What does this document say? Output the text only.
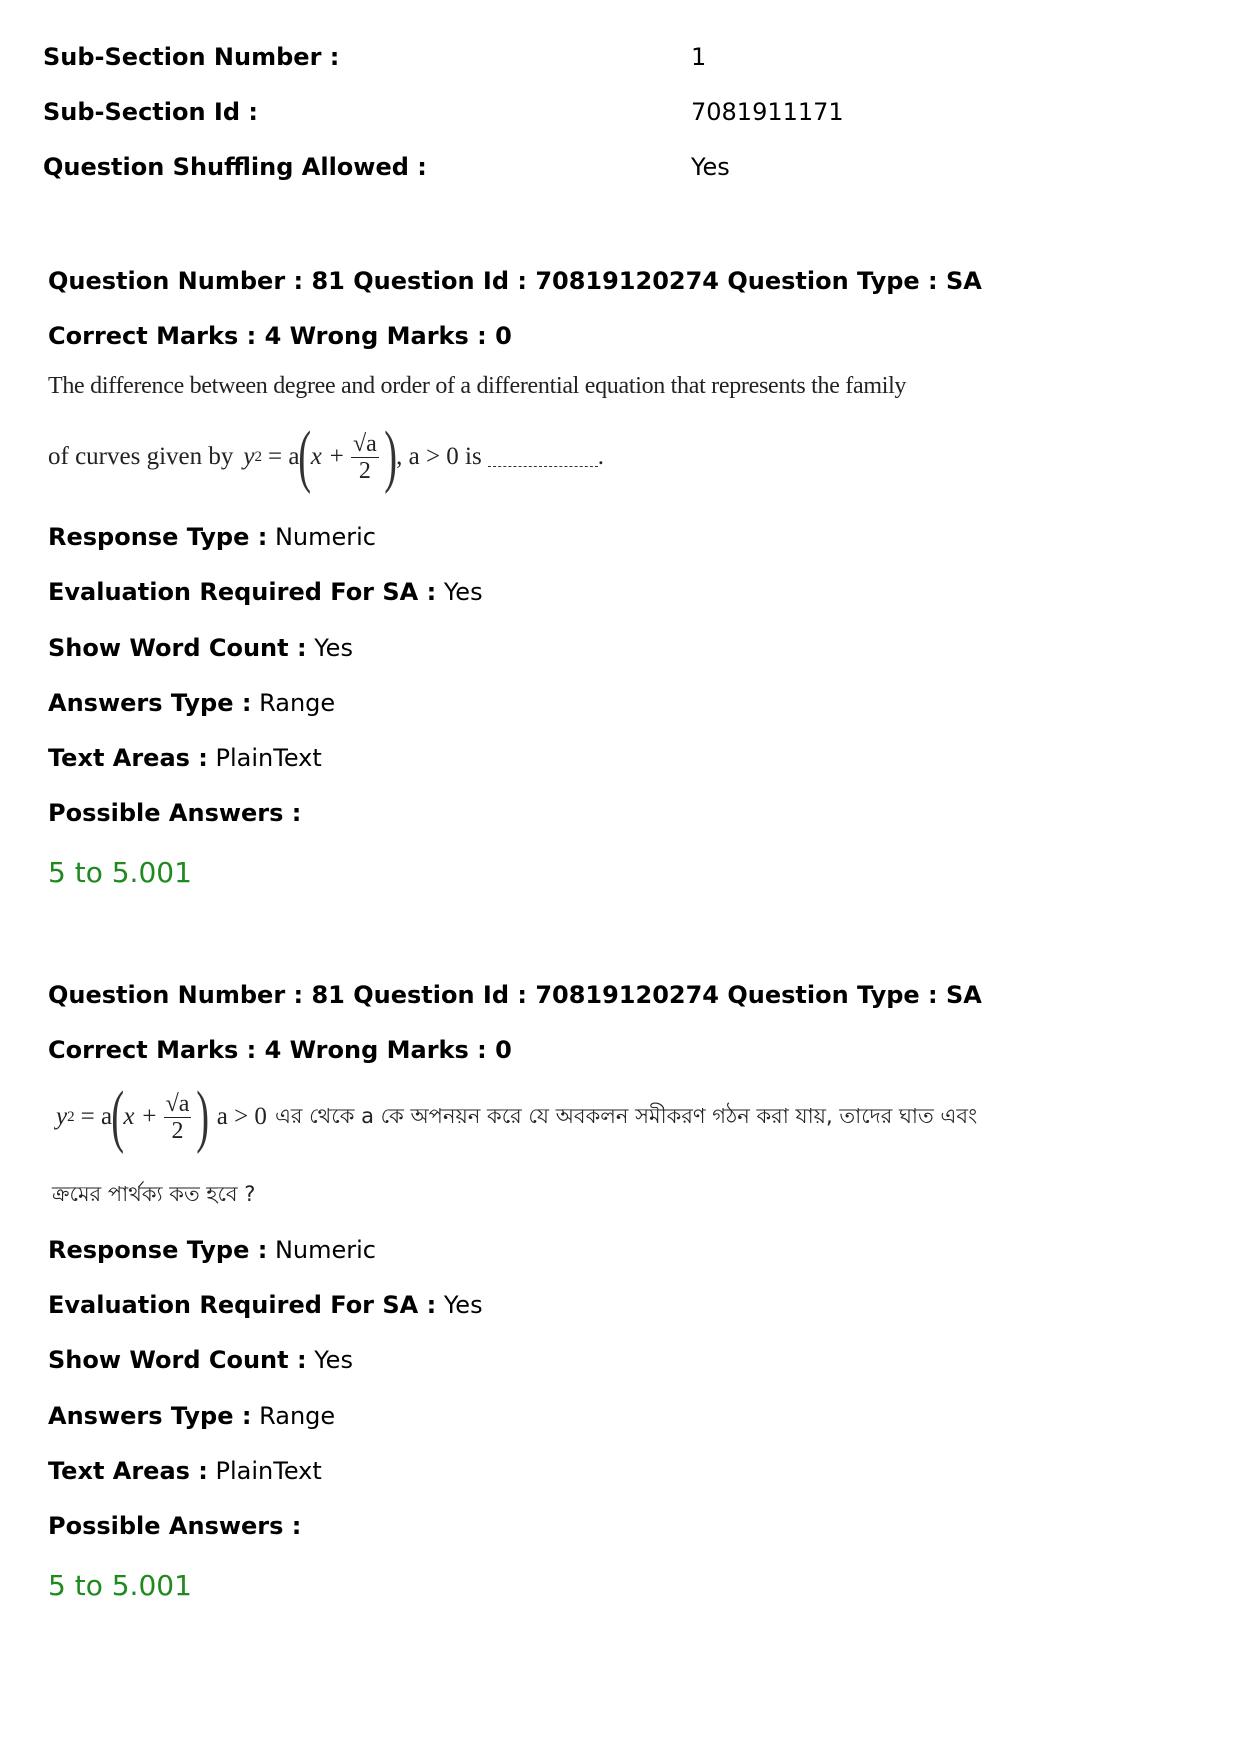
Sub-Section Number :	1
Sub-Section Id :	7081911171
Question Shuffling Allowed :	Yes
Question Number : 81 Question Id : 70819120274 Question Type : SA
Correct Marks : 4 Wrong Marks : 0
The difference between degree and order of a differential equation that represents the family
of curves given by y 2 = a ( $x + \frac{√a}{2}$ ) , a > 0 is	.
Response Type : Numeric
Evaluation Required For SA : Yes
Show Word Count : Yes
Answers Type : Range
Text Areas : PlainText
Possible Answers :
5 to 5.001
Question Number : 81 Question Id : 70819120274 Question Type : SA
Correct Marks : 4 Wrong Marks : 0
y 2 = a ( $x + \frac{√a}{2}$ ) a > 0 এর থেকে a কে অপনয়ন করে যে অবকলন সমীকরণ গঠন করা যায়, তাদের ঘাত এবং
ক্রমের পার্থক্য কত হবে ?
Response Type : Numeric
Evaluation Required For SA : Yes
Show Word Count : Yes
Answers Type : Range
Text Areas : PlainText
Possible Answers :
5 to 5.001
